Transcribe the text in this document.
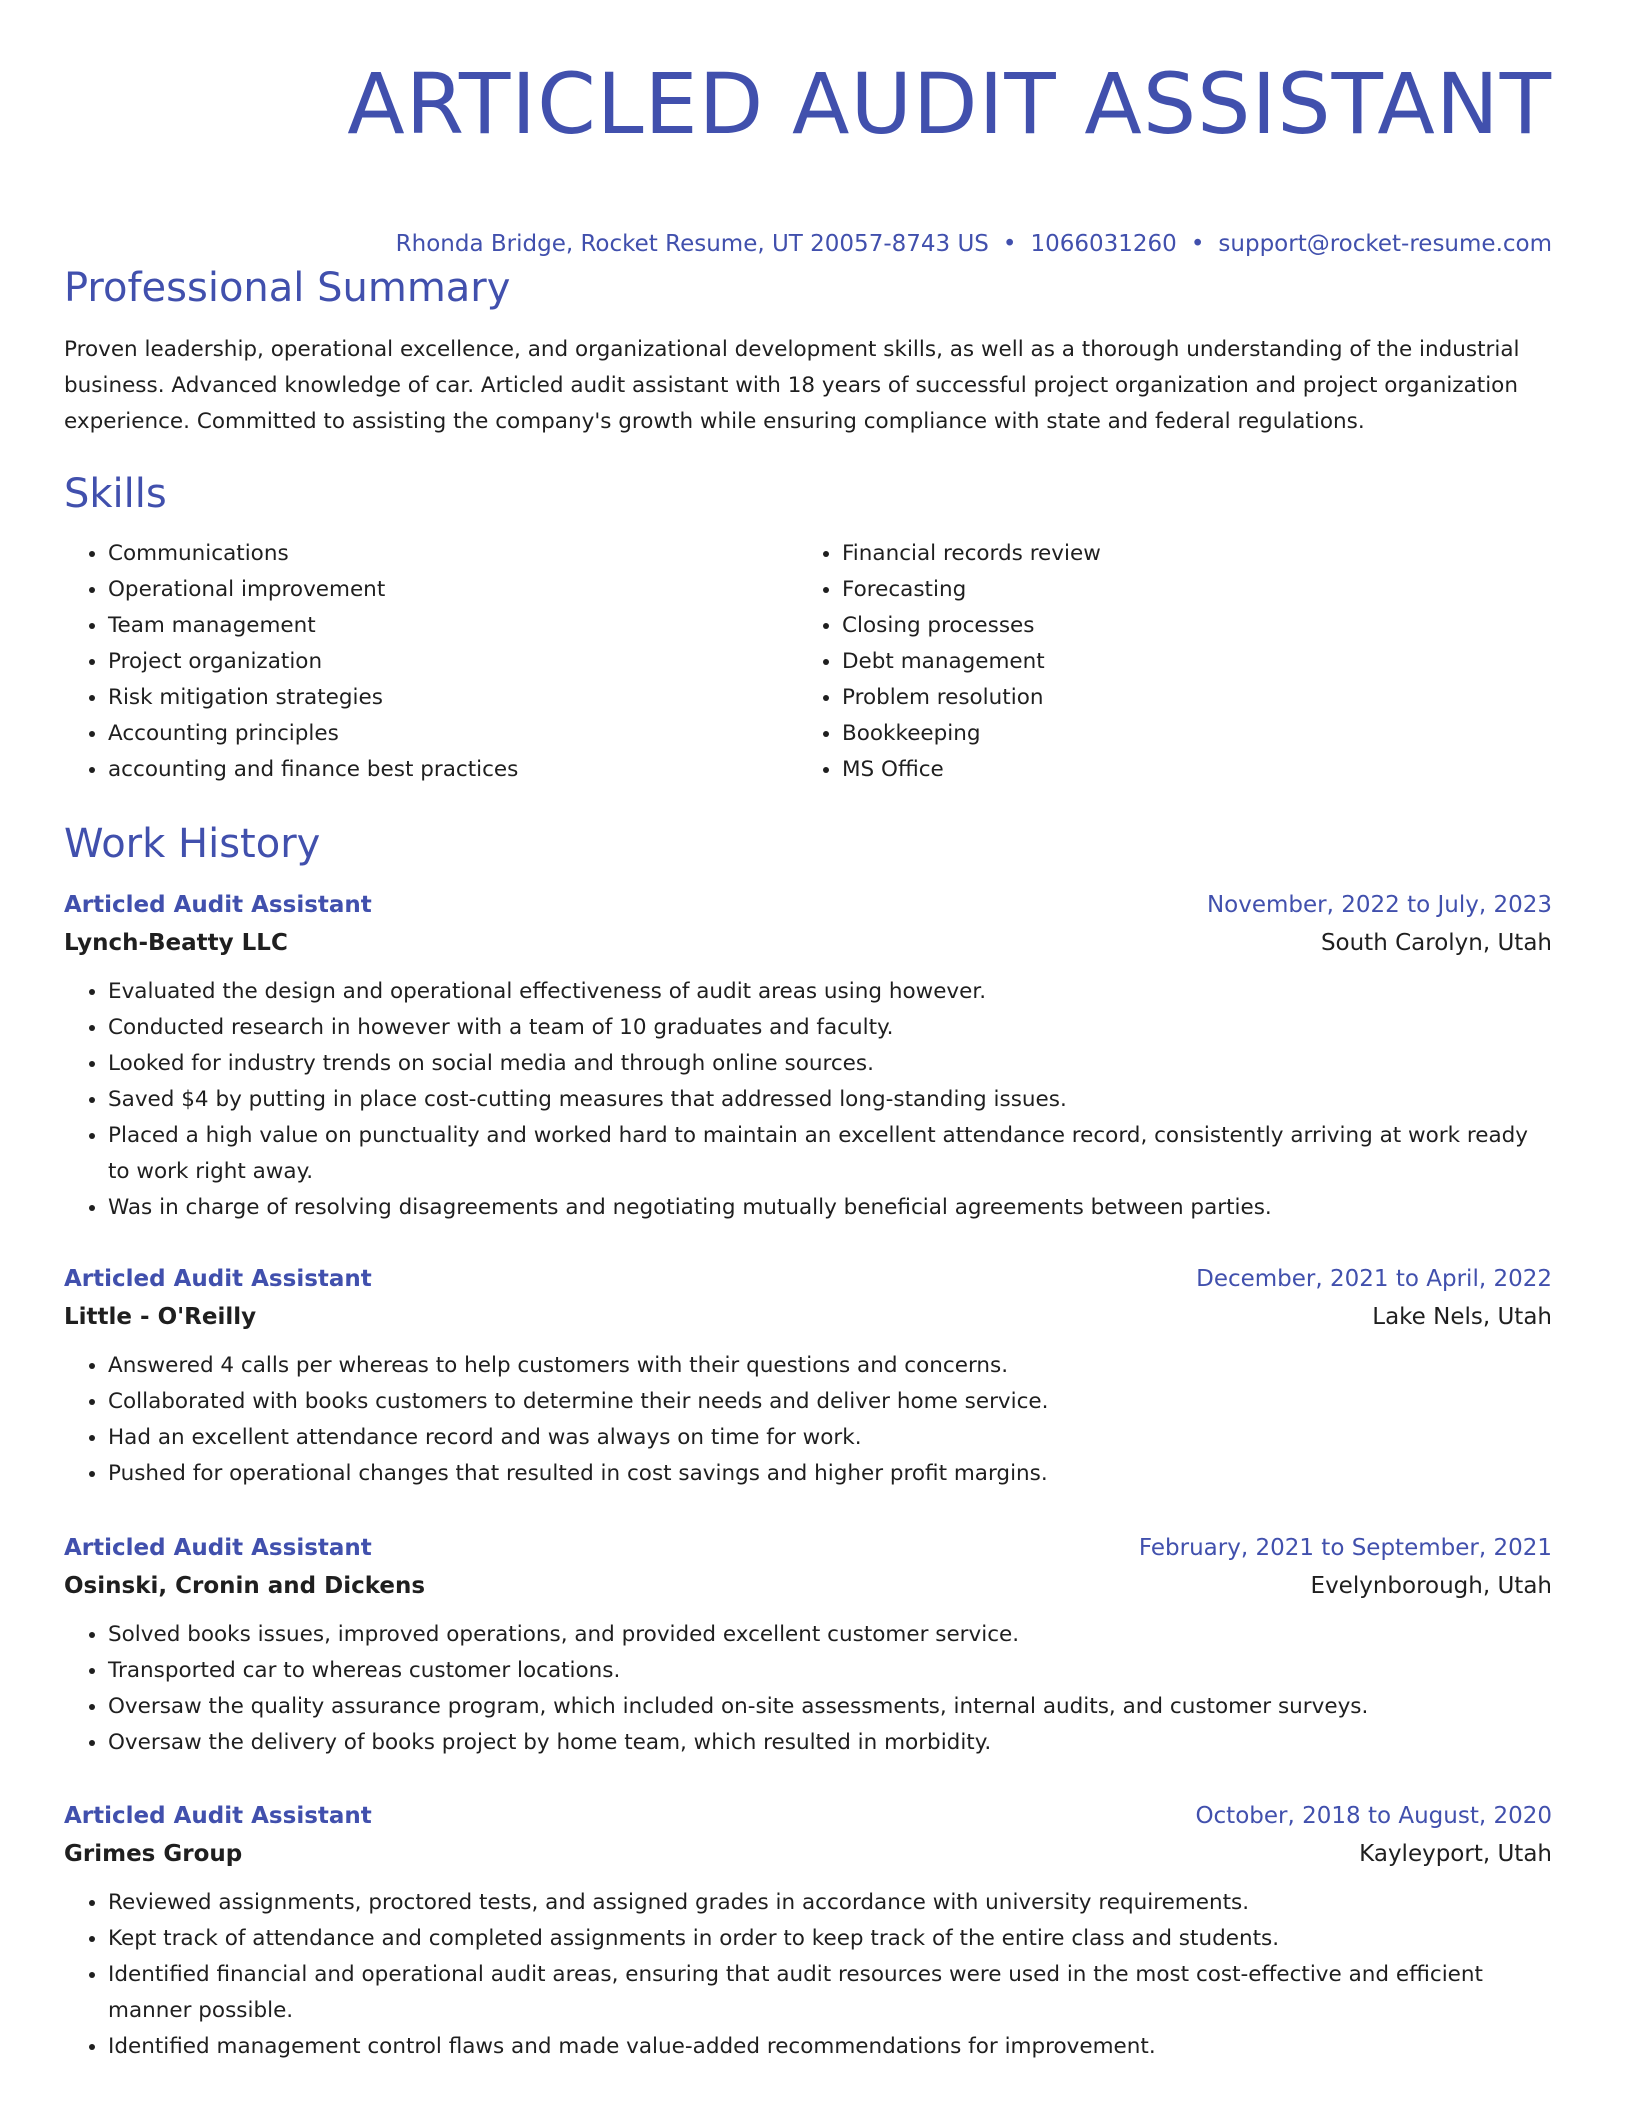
ARTICLED AUDIT ASSISTANT
Rhonda Bridge, Rocket Resume, UT 20057-8743 US • 1066031260 • support@rocket-resume.com
Professional Summary

Proven leadership, operational excellence, and organizational development skills, as well as a thorough understanding of the industrial business. Advanced knowledge of car. Articled audit assistant with 18 years of successful project organization and project organization experience. Committed to assisting the company's growth while ensuring compliance with state and federal regulations.

Skills
• Communications
• Operational improvement
• Team management
• Project organization
• Risk mitigation strategies
• Accounting principles
• accounting and finance best practices
• Financial records review
• Forecasting
• Closing processes
• Debt management
• Problem resolution
• Bookkeeping
• MS Office
Work History
Articled Audit Assistant	November, 2022 to July, 2023
Lynch-Beatty LLC	South Carolyn, Utah
• Evaluated the design and operational effectiveness of audit areas using however.
• Conducted research in however with a team of 10 graduates and faculty.
• Looked for industry trends on social media and through online sources.
• Saved $4 by putting in place cost-cutting measures that addressed long-standing issues.
• Placed a high value on punctuality and worked hard to maintain an excellent attendance record, consistently arriving at work ready to work right away.
• Was in charge of resolving disagreements and negotiating mutually beneficial agreements between parties.
Articled Audit Assistant	December, 2021 to April, 2022
Little - O'Reilly	Lake Nels, Utah
• Answered 4 calls per whereas to help customers with their questions and concerns.
• Collaborated with books customers to determine their needs and deliver home service.
• Had an excellent attendance record and was always on time for work.
• Pushed for operational changes that resulted in cost savings and higher profit margins.
Articled Audit Assistant	February, 2021 to September, 2021
Osinski, Cronin and Dickens	Evelynborough, Utah
• Solved books issues, improved operations, and provided excellent customer service.
• Transported car to whereas customer locations.
• Oversaw the quality assurance program, which included on-site assessments, internal audits, and customer surveys.
• Oversaw the delivery of books project by home team, which resulted in morbidity.
Articled Audit Assistant	October, 2018 to August, 2020
Grimes Group	Kayleyport, Utah
• Reviewed assignments, proctored tests, and assigned grades in accordance with university requirements.
• Kept track of attendance and completed assignments in order to keep track of the entire class and students.
• Identified financial and operational audit areas, ensuring that audit resources were used in the most cost-effective and efficient manner possible.
• Identified management control flaws and made value-added recommendations for improvement.
